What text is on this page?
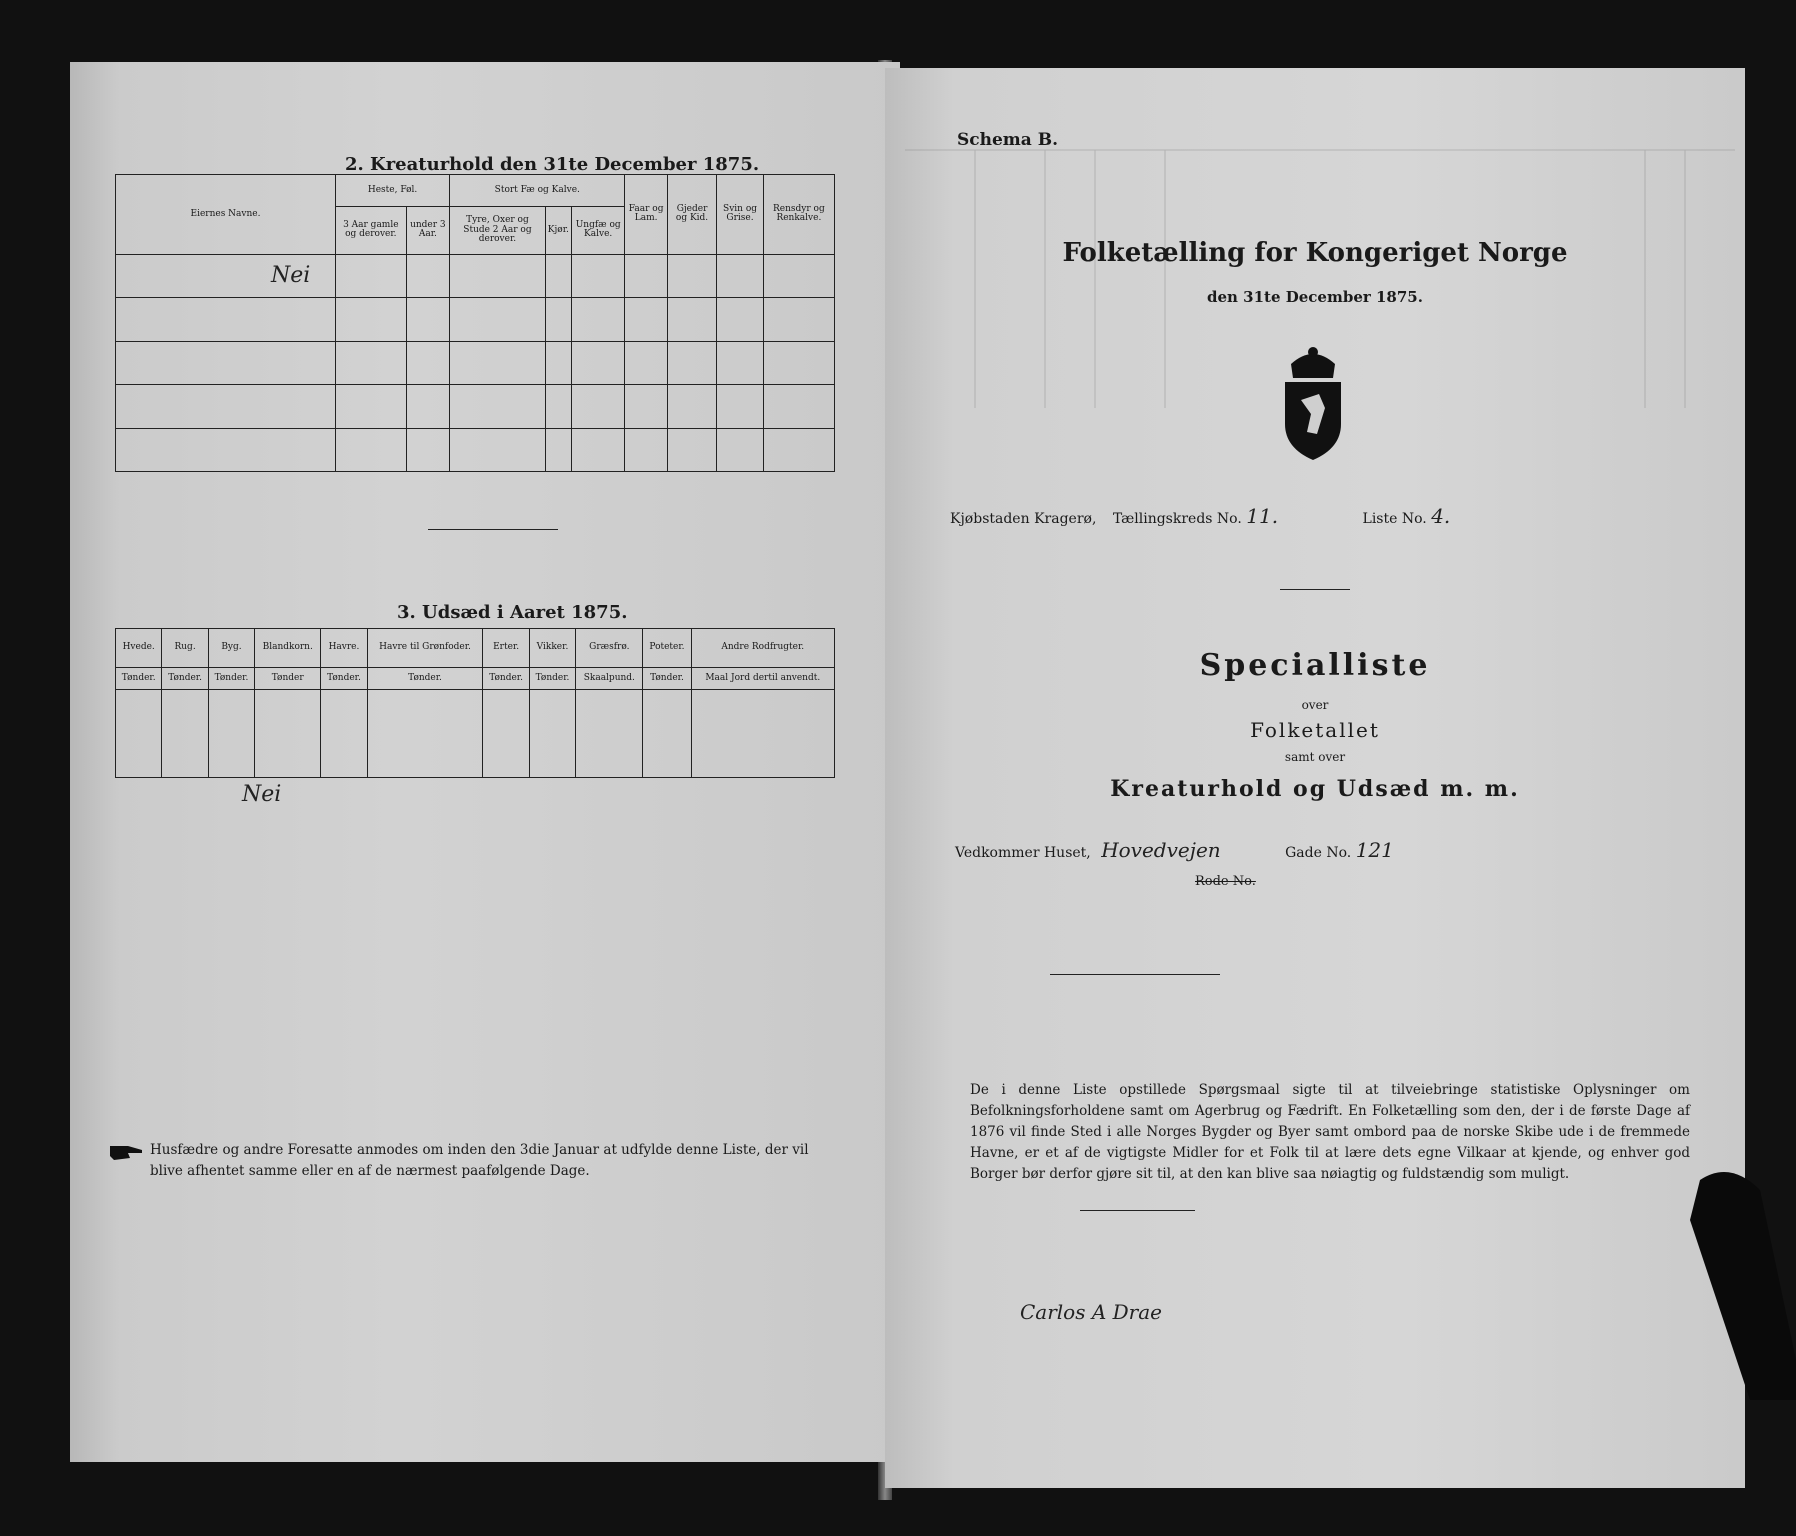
2. Kreaturhold den 31te December 1875.
Eiernes Navne.	Heste, Føl.		Stort Fæ og Kalve.			Faar og Lam.	Gjeder og Kid.	Svin og Grise.	Rensdyr og Renkalve.
	3 Aar gamle og derover.	under 3 Aar.	Tyre, Oxer og Stude 2 Aar og derover.	Kjør.	Ungfæ og Kalve.				
Nei									

3. Udsæd i Aaret 1875.
Hvede.	Rug.	Byg.	Blandkorn.	Havre.	Havre til Grønfoder.	Erter.	Vikker.	Græsfrø.	Poteter.	Andre Rodfrugter.
Tønder.	Tønder.	Tønder.	Tønder	Tønder.	Tønder.	Tønder.	Tønder.	Skaalpund.	Tønder.	Maal Jord dertil anvendt.

Nei
Husfædre og andre Foresatte anmodes om inden den 3die Januar at udfylde denne Liste, der vil blive afhentet samme eller en af de nærmest paafølgende Dage.
Schema B.
Folketælling for Kongeriget Norge
den 31te December 1875.
Kjøbstaden Kragerø, Tællingskreds No. 11.	Liste No. 4.
Specialliste
over
Folketallet
samt over
Kreaturhold og Udsæd m. m.
Vedkommer Huset, Hovedvejen	Gade No. 121
Rode No.
De i denne Liste opstillede Spørgsmaal sigte til at tilveiebringe statistiske Oplysninger om Befolkningsforholdene samt om Agerbrug og Fædrift. En Folketælling som den, der i de første Dage af 1876 vil finde Sted i alle Norges Bygder og Byer samt ombord paa de norske Skibe ude i de fremmede Havne, er et af de vigtigste Midler for et Folk til at lære dets egne Vilkaar at kjende, og enhver god Borger bør derfor gjøre sit til, at den kan blive saa nøiagtig og fuldstændig som muligt.
Carlos A Drae
